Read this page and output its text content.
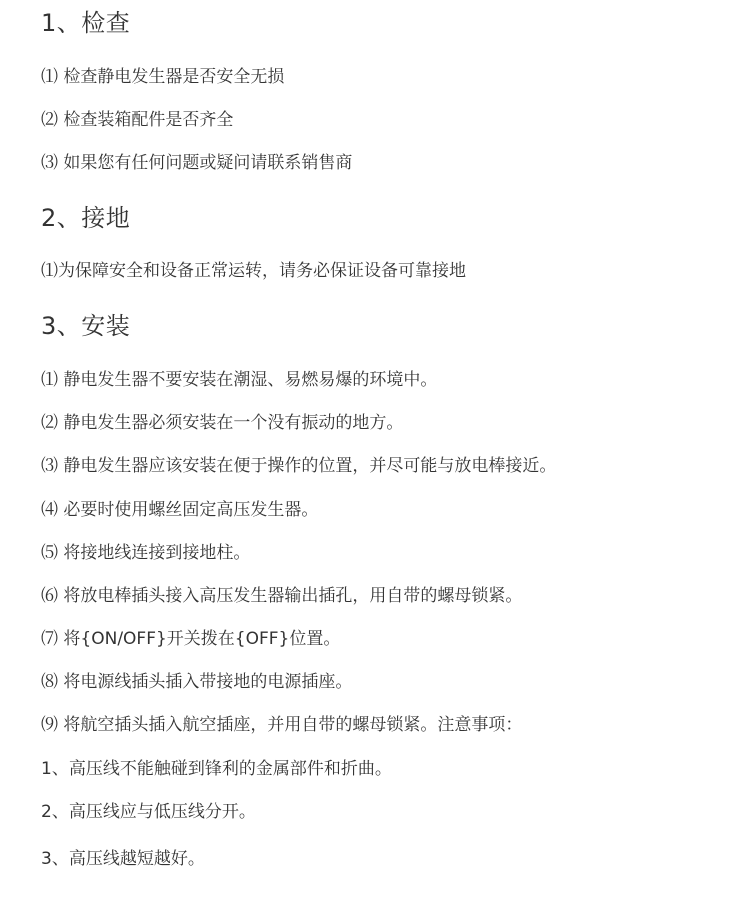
1、检查
⑴ 检查静电发生器是否安全无损
⑵ 检查装箱配件是否齐全
⑶ 如果您有任何问题或疑问请联系销售商
2、接地
⑴为保障安全和设备正常运转，请务必保证设备可靠接地
3、安装
⑴ 静电发生器不要安装在潮湿、易燃易爆的环境中。
⑵ 静电发生器必须安装在一个没有振动的地方。
⑶ 静电发生器应该安装在便于操作的位置，并尽可能与放电棒接近。
⑷ 必要时使用螺丝固定高压发生器。
⑸ 将接地线连接到接地柱。
⑹ 将放电棒插头接入高压发生器输出插孔，用自带的螺母锁紧。
⑺ 将{ON/OFF}开关拨在{OFF}位置。
⑻ 将电源线插头插入带接地的电源插座。
⑼ 将航空插头插入航空插座，并用自带的螺母锁紧。注意事项：
1、高压线不能触碰到锋利的金属部件和折曲。
2、高压线应与低压线分开。
3、高压线越短越好。
